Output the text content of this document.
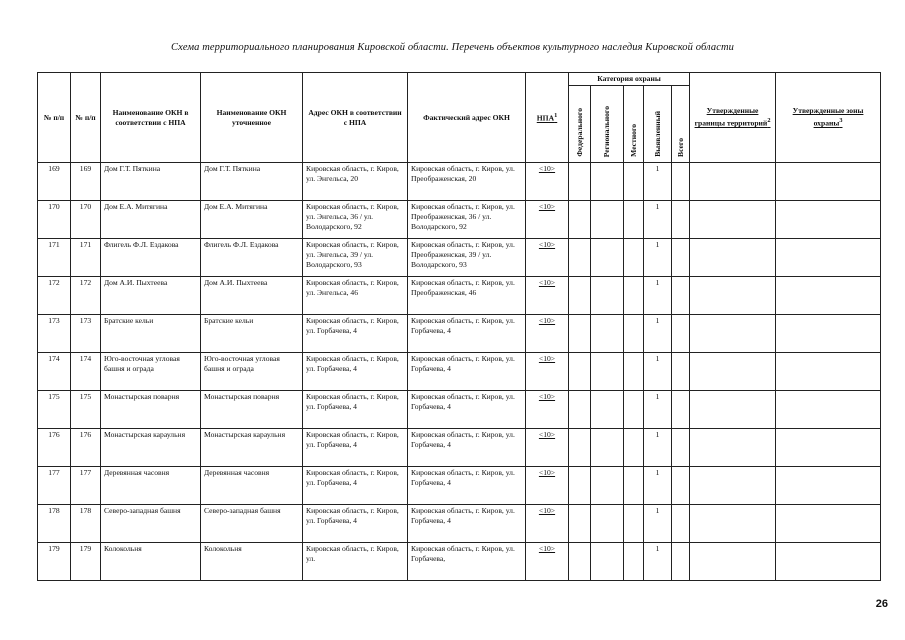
Схема территориального планирования Кировской области. Перечень объектов культурного наследия Кировской области
№ п/п	№ п/п	Наименование ОКН в соответствии с НПА	Наименование ОКН уточненное	Адрес ОКН в соответствии с НПА	Фактический адрес ОКН	НПА$^1$	Категория охраны					Утвержденные границы территорий$^2$	Утвержденные зоны охраны$^3$
							Федерального	Регионального	Местного	Выявленный	Всего		
169	169	Дом Г.Т. Пяткина	Дом Г.Т. Пяткина	Кировская область, г. Киров, ул. Энгельса, 20	Кировская область, г. Киров, ул. Преображенская, 20	<10>				1			
170	170	Дом Е.А. Митягина	Дом Е.А. Митягина	Кировская область, г. Киров, ул. Энгельса, 36 / ул. Володарского, 92	Кировская область, г. Киров, ул. Преображенская, 36 / ул. Володарского, 92	<10>				1			
171	171	Флигель Ф.Л. Ездакова	Флигель Ф.Л. Ездакова	Кировская область, г. Киров, ул. Энгельса, 39 / ул. Володарского, 93	Кировская область, г. Киров, ул. Преображенская, 39 / ул. Володарского, 93	<10>				1			
172	172	Дом А.И. Пыхтеева	Дом А.И. Пыхтеева	Кировская область, г. Киров, ул. Энгельса, 46	Кировская область, г. Киров, ул. Преображенская, 46	<10>				1			
173	173	Братские кельи	Братские кельи	Кировская область, г. Киров, ул. Горбачева, 4	Кировская область, г. Киров, ул. Горбачева, 4	<10>				1			
174	174	Юго-восточная угловая башня и ограда	Юго-восточная угловая башня и ограда	Кировская область, г. Киров, ул. Горбачева, 4	Кировская область, г. Киров, ул. Горбачева, 4	<10>				1			
175	175	Монастырская поварня	Монастырская поварня	Кировская область, г. Киров, ул. Горбачева, 4	Кировская область, г. Киров, ул. Горбачева, 4	<10>				1			
176	176	Монастырская караульня	Монастырская караульня	Кировская область, г. Киров, ул. Горбачева, 4	Кировская область, г. Киров, ул. Горбачева, 4	<10>				1			
177	177	Деревянная часовня	Деревянная часовня	Кировская область, г. Киров, ул. Горбачева, 4	Кировская область, г. Киров, ул. Горбачева, 4	<10>				1			
178	178	Северо-западная башня	Северо-западная башня	Кировская область, г. Киров, ул. Горбачева, 4	Кировская область, г. Киров, ул. Горбачева, 4	<10>				1			
179	179	Колокольня	Колокольня	Кировская область, г. Киров, ул.	Кировская область, г. Киров, ул. Горбачева,	<10>				1			
26
